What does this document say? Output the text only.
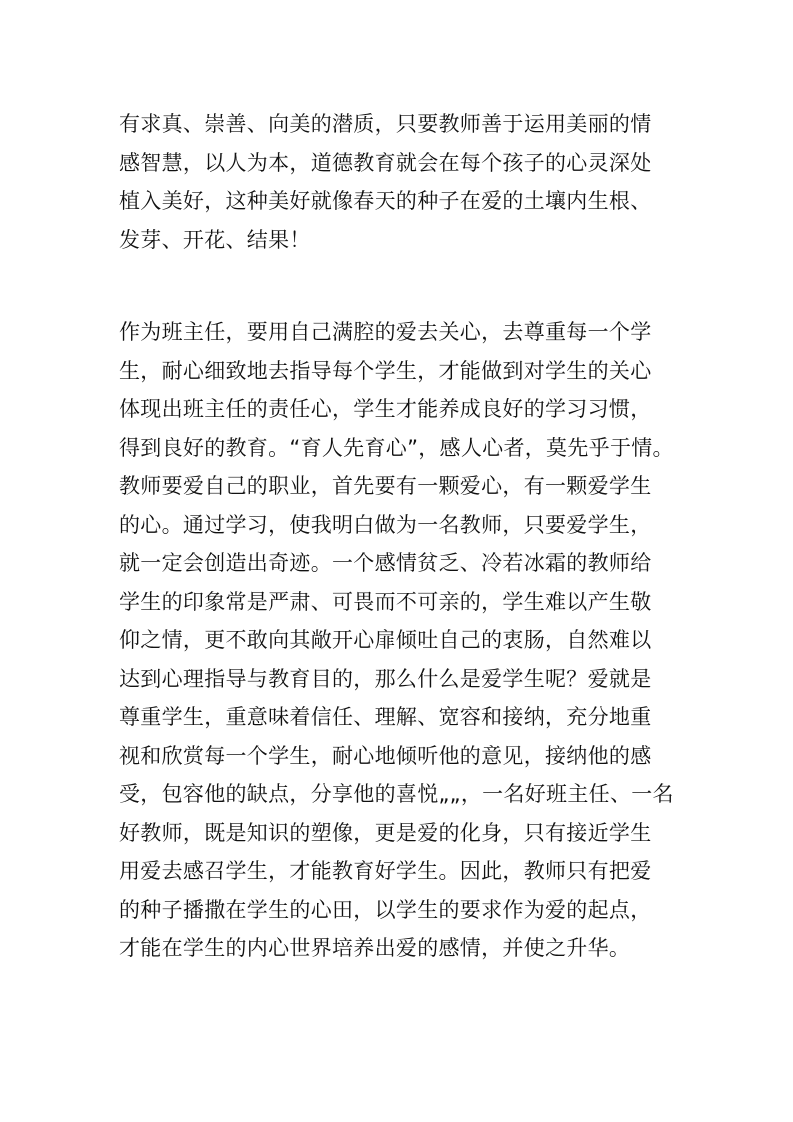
有求真、崇善、向美的潜质，只要教师善于运用美丽的情
感智慧，以人为本，道德教育就会在每个孩子的心灵深处
植入美好，这种美好就像春天的种子在爱的土壤内生根、
发芽、开花、结果！
作为班主任，要用自己满腔的爱去关心，去尊重每一个学
生，耐心细致地去指导每个学生，才能做到对学生的关心
体现出班主任的责任心，学生才能养成良好的学习习惯，
得到良好的教育。“育人先育心”，感人心者，莫先乎于情。
教师要爱自己的职业，首先要有一颗爱心，有一颗爱学生
的心。通过学习，使我明白做为一名教师，只要爱学生，
就一定会创造出奇迹。一个感情贫乏、冷若冰霜的教师给
学生的印象常是严肃、可畏而不可亲的，学生难以产生敬
仰之情，更不敢向其敞开心扉倾吐自己的衷肠，自然难以
达到心理指导与教育目的，那么什么是爱学生呢？爱就是
尊重学生，重意味着信任、理解、宽容和接纳，充分地重
视和欣赏每一个学生，耐心地倾听他的意见，接纳他的感
受，包容他的缺点，分享他的喜悦„„，一名好班主任、一名
好教师，既是知识的塑像，更是爱的化身，只有接近学生
用爱去感召学生，才能教育好学生。因此，教师只有把爱
的种子播撒在学生的心田，以学生的要求作为爱的起点，
才能在学生的内心世界培养出爱的感情，并使之升华。
